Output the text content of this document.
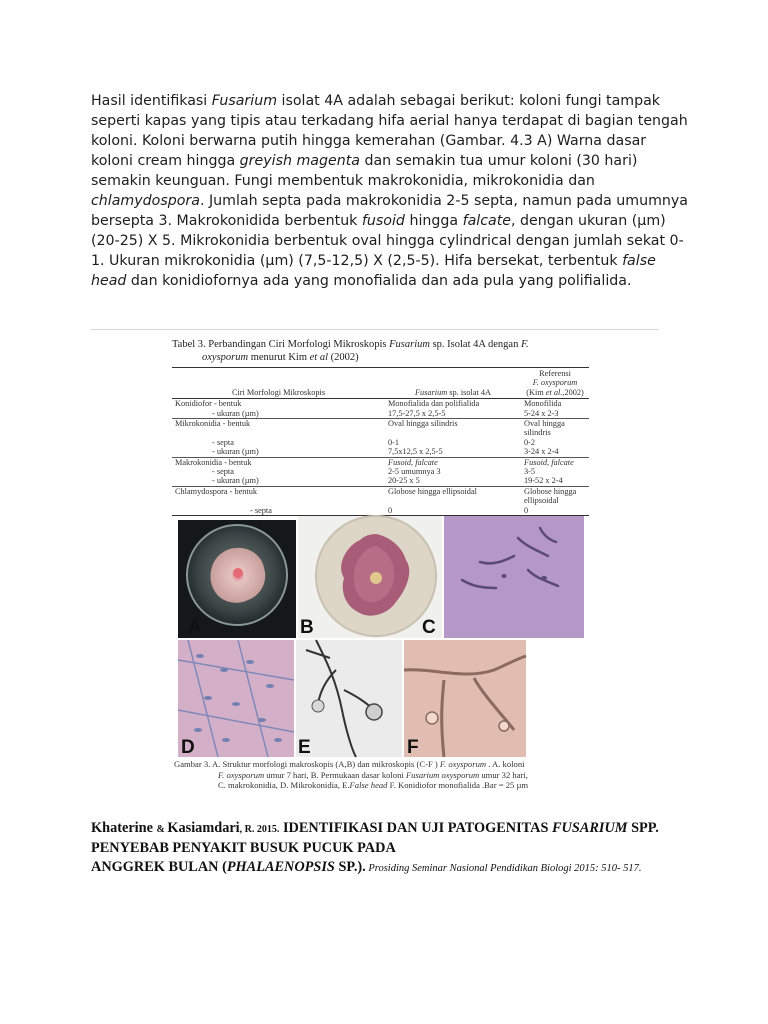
Hasil identifikasi Fusarium isolat 4A adalah sebagai berikut: koloni fungi tampak seperti kapas yang tipis atau terkadang hifa aerial hanya terdapat di bagian tengah koloni. Koloni berwarna putih hingga kemerahan (Gambar. 4.3 A) Warna dasar koloni cream hingga greyish magenta dan semakin tua umur koloni (30 hari) semakin keunguan. Fungi membentuk makrokonidia, mikrokonidia dan chlamydospora. Jumlah septa pada makrokonidia 2-5 septa, namun pada umumnya bersepta 3. Makrokonidida berbentuk fusoid hingga falcate, dengan ukuran (µm) (20-25) X 5. Mikrokonidia berbentuk oval hingga cylindrical dengan jumlah sekat 0-1. Ukuran mikrokonidia (µm) (7,5-12,5) X (2,5-5). Hifa bersekat, terbentuk false head dan konidiofornya ada yang monofialida dan ada pula yang polifialida.

Tabel 3. Perbandingan Ciri Morfologi Mikroskopis Fusarium sp. Isolat 4A dengan F.
oxysporum menurut Kim et al (2002)
Ciri Morfologi Mikroskopis	Fusarium sp. isolat 4A	Referensi
F. oxysporum
(Kim et al.,2002)

Konidiofor - bentuk	Monofialida dan polifialida	Monofilida
- ukuran (µm)	17,5-27,5 x 2,5-5	5-24 x 2-3
Mikrokonidia - bentuk	Oval hingga silindris	Oval hingga silindris
- septa	0-1	0-2
- ukuran (µm)	7,5x12,5 x 2,5-5	3-24 x 2-4
Makrokonidia - bentuk	Fusoid, falcate	Fusoid, falcate
- septa	2-5 umumnya 3	3-5
- ukuran (µm)	20-25 x 5	19-52 x 2-4
Chlamydospora - bentuk	Globose hingga ellipsoidal	Globose hingga ellipsoidal
- septa	0	0
A	B	C
D	E	F
Gambar 3. A. Struktur morfologi makroskopis (A,B) dan mikroskopis (C-F ) F. oxysporum . A. koloni
F. oxysporum umur 7 hari, B. Permukaan dasar koloni Fusarium oxysporum umur 32 hari,
C. makrokonidia, D. Mikrokonidia, E.False head F. Konidiofor monofialida .Bar = 25 µm
Khaterine & Kasiamdari, R. 2015. IDENTIFIKASI DAN UJI PATOGENITAS FUSARIUM SPP.
PENYEBAB PENYAKIT BUSUK PUCUK PADA
ANGGREK BULAN (PHALAENOPSIS SP.). Prosiding Seminar Nasional Pendidikan Biologi 2015: 510- 517.
